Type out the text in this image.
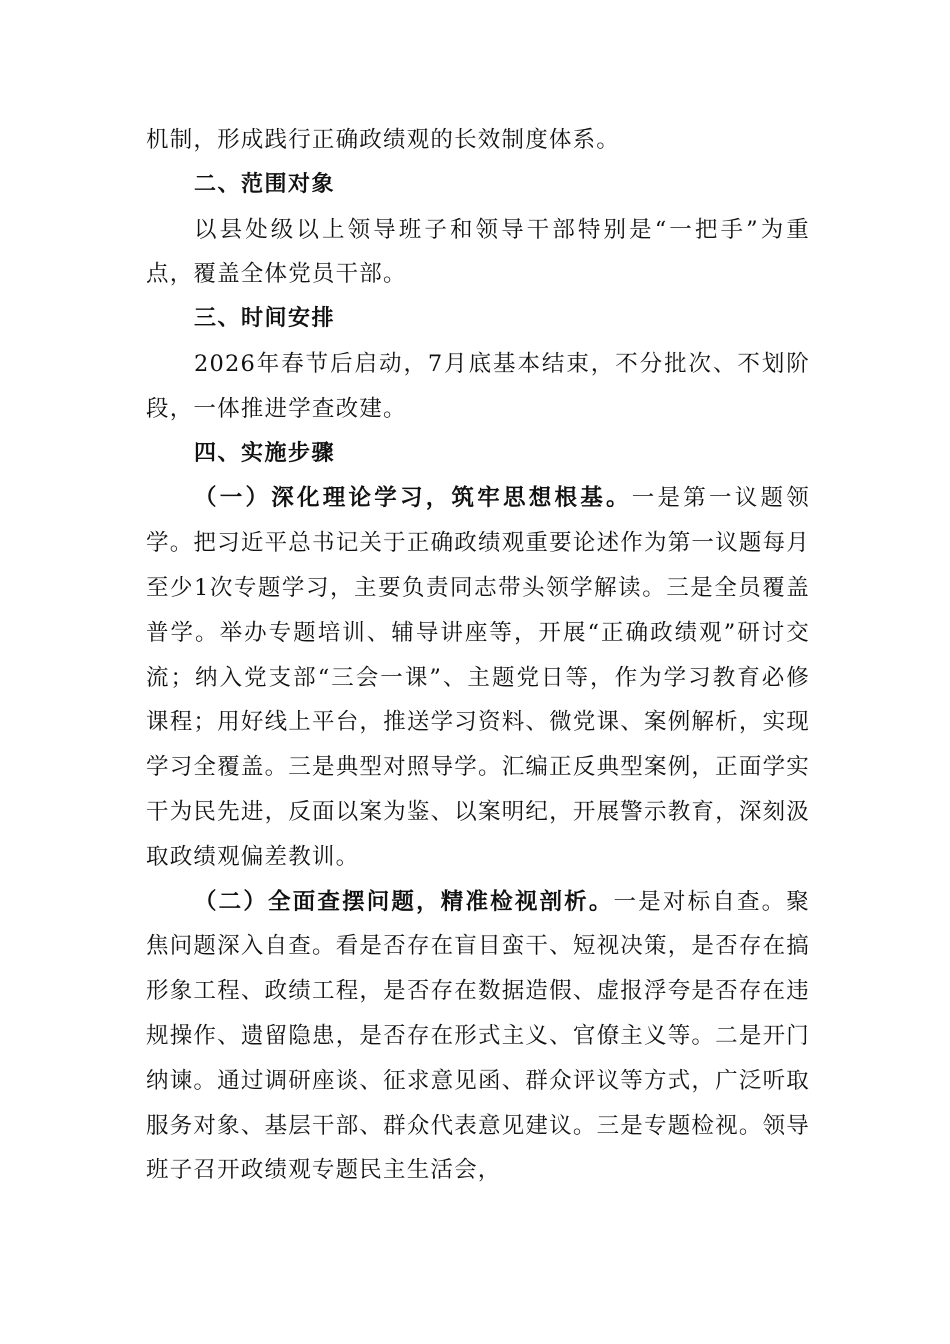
机制，形成践行正确政绩观的长效制度体系。

二、范围对象

以县处级以上领导班子和领导干部特别是“一把手”为重点，覆盖全体党员干部。

三、时间安排

2026年春节后启动，7月底基本结束，不分批次、不划阶段，一体推进学查改建。

四、实施步骤

（一）深化理论学习，筑牢思想根基。一是第一议题领学。把习近平总书记关于正确政绩观重要论述作为第一议题每月至少1次专题学习，主要负责同志带头领学解读。三是全员覆盖普学。举办专题培训、辅导讲座等，开展“正确政绩观”研讨交流；纳入党支部“三会一课”、主题党日等，作为学习教育必修课程；用好线上平台，推送学习资料、微党课、案例解析，实现学习全覆盖。三是典型对照导学。汇编正反典型案例，正面学实干为民先进，反面以案为鉴、以案明纪，开展警示教育，深刻汲取政绩观偏差教训。

（二）全面查摆问题，精准检视剖析。一是对标自查。聚焦问题深入自查。看是否存在盲目蛮干、短视决策，是否存在搞形象工程、政绩工程，是否存在数据造假、虚报浮夸是否存在违规操作、遗留隐患，是否存在形式主义、官僚主义等。二是开门纳谏。通过调研座谈、征求意见函、群众评议等方式，广泛听取服务对象、基层干部、群众代表意见建议。三是专题检视。领导班子召开政绩观专题民主生活会，
